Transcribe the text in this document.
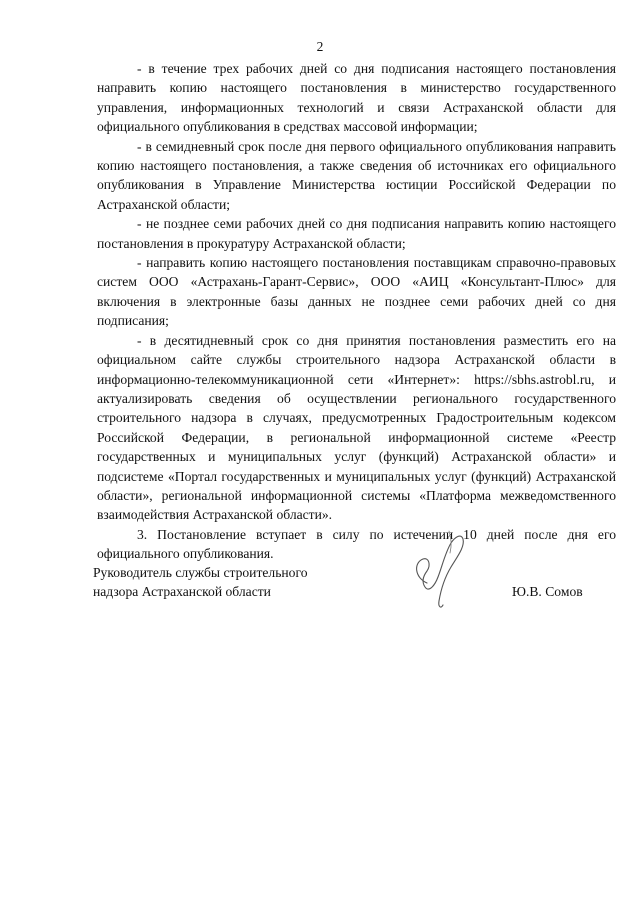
2

- в течение трех рабочих дней со дня подписания настоящего постановления направить копию настоящего постановления в министерство государственного управления, информационных технологий и связи Астраханской области для официального опубликования в средствах массовой информации;

- в семидневный срок после дня первого официального опубликования направить копию настоящего постановления, а также сведения об источниках его официального опубликования в Управление Министерства юстиции Российской Федерации по Астраханской области;

- не позднее семи рабочих дней со дня подписания направить копию настоящего постановления в прокуратуру Астраханской области;

- направить копию настоящего постановления поставщикам справочно-правовых систем ООО «Астрахань-Гарант-Сервис», ООО «АИЦ «Консультант-Плюс» для включения в электронные базы данных не позднее семи рабочих дней со дня подписания;

- в десятидневный срок со дня принятия постановления разместить его на официальном сайте службы строительного надзора Астраханской области в информационно-телекоммуникационной сети «Интернет»: https://sbhs.astrobl.ru, и актуализировать сведения об осуществлении регионального государственного строительного надзора в случаях, предусмотренных Градостроительным кодексом Российской Федерации, в региональной информационной системе «Реестр государственных и муниципальных услуг (функций) Астраханской области» и подсистеме «Портал государственных и муниципальных услуг (функций) Астраханской области», региональной информационной системы «Платформа межведомственного взаимодействия Астраханской области».

3. Постановление вступает в силу по истечении 10 дней после дня его официального опубликования.

Руководитель службы строительного
надзора Астраханской области	Ю.В. Сомов
